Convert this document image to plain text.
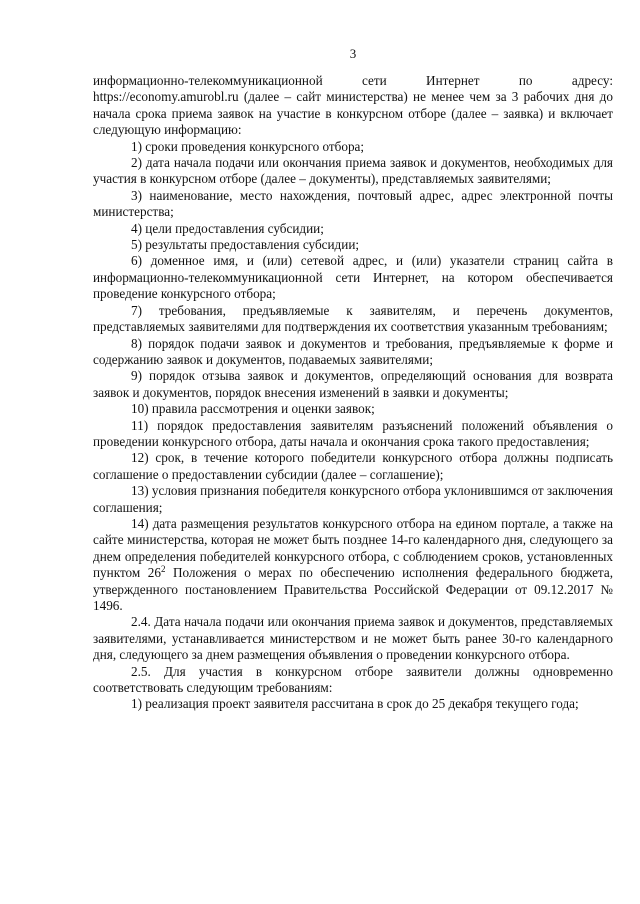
3

информационно-телекоммуникационной сети Интернет по адресу: https://economy.amurobl.ru (далее – сайт министерства) не менее чем за 3 рабочих дня до начала срока приема заявок на участие в конкурсном отборе (далее – заявка) и включает следующую информацию:

1) сроки проведения конкурсного отбора;

2) дата начала подачи или окончания приема заявок и документов, необходимых для участия в конкурсном отборе (далее – документы), представляемых заявителями;

3) наименование, место нахождения, почтовый адрес, адрес электронной почты министерства;

4) цели предоставления субсидии;

5) результаты предоставления субсидии;

6) доменное имя, и (или) сетевой адрес, и (или) указатели страниц сайта в информационно-телекоммуникационной сети Интернет, на котором обеспечивается проведение конкурсного отбора;

7) требования, предъявляемые к заявителям, и перечень документов, представляемых заявителями для подтверждения их соответствия указанным требованиям;

8) порядок подачи заявок и документов и требования, предъявляемые к форме и содержанию заявок и документов, подаваемых заявителями;

9) порядок отзыва заявок и документов, определяющий основания для возврата заявок и документов, порядок внесения изменений в заявки и документы;

10) правила рассмотрения и оценки заявок;

11) порядок предоставления заявителям разъяснений положений объявления о проведении конкурсного отбора, даты начала и окончания срока такого предоставления;

12) срок, в течение которого победители конкурсного отбора должны подписать соглашение о предоставлении субсидии (далее – соглашение);

13) условия признания победителя конкурсного отбора уклонившимся от заключения соглашения;

14) дата размещения результатов конкурсного отбора на едином портале, а также на сайте министерства, которая не может быть позднее 14-го календарного дня, следующего за днем определения победителей конкурсного отбора, с соблюдением сроков, установленных пунктом $26^2$ Положения о мерах по обеспечению исполнения федерального бюджета, утвержденного постановлением Правительства Российской Федерации от 09.12.2017 № 1496.

2.4. Дата начала подачи или окончания приема заявок и документов, представляемых заявителями, устанавливается министерством и не может быть ранее 30-го календарного дня, следующего за днем размещения объявления о проведении конкурсного отбора.

2.5. Для участия в конкурсном отборе заявители должны одновременно соответствовать следующим требованиям:

1) реализация проект заявителя рассчитана в срок до 25 декабря текущего года;
